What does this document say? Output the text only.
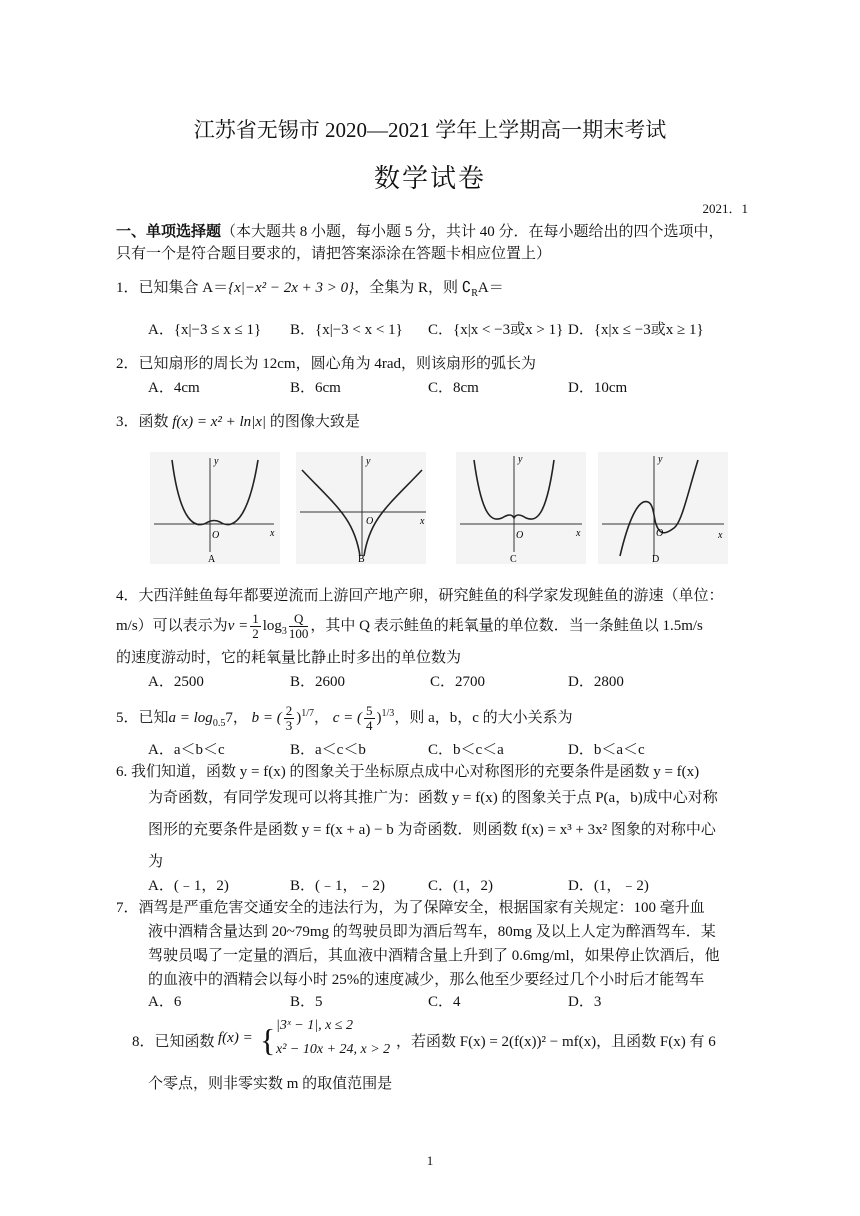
江苏省无锡市 2020—2021 学年上学期高一期末考试
数学试卷
2021．1
一、单项选择题（本大题共 8 小题，每小题 5 分，共计 40 分．在每小题给出的四个选项中，
只有一个是符合题目要求的，请把答案添涂在答题卡相应位置上）
1．已知集合 A＝{x|−x² − 2x + 3 > 0}，全集为 R，则 $∁_RA=$
A．{x|−3 ≤ x ≤ 1} B．{x|−3 < x < 1} C．{x|x < −3或x > 1} D．{x|x ≤ −3或x ≥ 1}
2．已知扇形的周长为 12cm，圆心角为 4rad，则该扇形的弧长为
A．4cm	B．6cm	C．8cm	D．10cm
3．函数 f(x) = x² + ln|x| 的图像大致是
x
y
O
A
x
y
O
B
x
y
O
C
x
y
O
D
4．大西洋鲑鱼每年都要逆流而上游回产地产卵，研究鲑鱼的科学家发现鲑鱼的游速（单位：
m/s）可以表示为$v = \frac{1}{2} \log_3 \frac{Q}{100}$ ，其中 Q 表示鲑鱼的耗氧量的单位数．当一条鲑鱼以 1.5m/s
的速度游动时，它的耗氧量比静止时多出的单位数为
A．2500	B．2600	C．2700	D．2800
5．已知$a = \log_{0.5}7$， b = ( $\frac{2}{3} )^{1/7}$， c = ( $\frac{5}{4} )^{1/3}$，则 a，b，c 的大小关系为
A．a＜b＜c	B．a＜c＜b	C．b＜c＜a	D．b＜a＜c
6. 我们知道，函数 y = f(x) 的图象关于坐标原点成中心对称图形的充要条件是函数 y = f(x)
为奇函数，有同学发现可以将其推广为：函数 y = f(x) 的图象关于点 P(a，b)成中心对称
图形的充要条件是函数 y = f(x + a) − b 为奇函数．则函数 f(x) = x³ + 3x² 图象的对称中心
为
A．(﹣1，2)	B．(﹣1，﹣2)	C．(1，2)	D．(1，﹣2)
7．酒驾是严重危害交通安全的违法行为，为了保障安全，根据国家有关规定：100 毫升血
液中酒精含量达到 20~79mg 的驾驶员即为酒后驾车，80mg 及以上人定为醉酒驾车．某
驾驶员喝了一定量的酒后，其血液中酒精含量上升到了 0.6mg/ml，如果停止饮酒后，他
的血液中的酒精会以每小时 25%的速度减少，那么他至少要经过几个小时后才能驾车
A．6	B．5	C．4	D．3
8．已知函数 f(x) = { |3ˣ − 1|, x ≤ 2
x² − 10x + 24, x > 2 ，若函数 F(x) = 2(f(x))² − mf(x)，且函数 F(x) 有 6
个零点，则非零实数 m 的取值范围是
1
